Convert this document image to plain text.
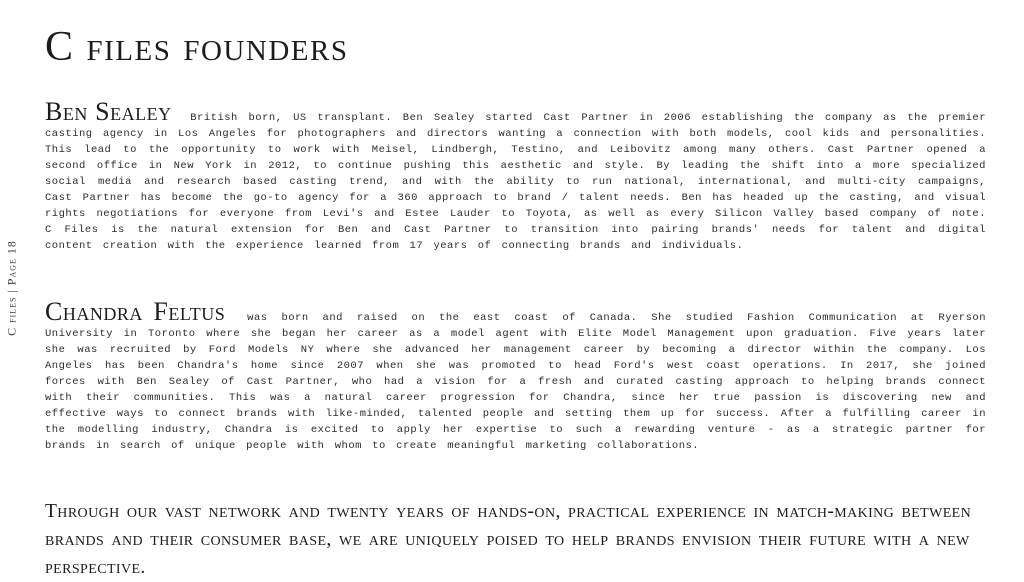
C files | Page 18
C files founders

Ben Sealey British born, US transplant. Ben Sealey started Cast Partner in 2006 establishing the company as the premier casting agency in Los Angeles for photographers and directors wanting a connection with both models, cool kids and personalities. This lead to the opportunity to work with Meisel, Lindbergh, Testino, and Leibovitz among many others. Cast Partner opened a second office in New York in 2012, to continue pushing this aesthetic and style. By leading the shift into a more specialized social media and research based casting trend, and with the ability to run national, international, and multi-city campaigns, Cast Partner has become the go-to agency for a 360 approach to brand / talent needs. Ben has headed up the casting, and visual rights negotiations for everyone from Levi's and Estee Lauder to Toyota, as well as every Silicon Valley based company of note. C Files is the natural extension for Ben and Cast Partner to transition into pairing brands' needs for talent and digital content creation with the experience learned from 17 years of connecting brands and individuals.

Chandra Feltus was born and raised on the east coast of Canada. She studied Fashion Communication at Ryerson University in Toronto where she began her career as a model agent with Elite Model Management upon graduation. Five years later she was recruited by Ford Models NY where she advanced her management career by becoming a director within the company. Los Angeles has been Chandra's home since 2007 when she was promoted to head Ford's west coast operations. In 2017, she joined forces with Ben Sealey of Cast Partner, who had a vision for a fresh and curated casting approach to helping brands connect with their communities. This was a natural career progression for Chandra, since her true passion is discovering new and effective ways to connect brands with like-minded, talented people and setting them up for success. After a fulfilling career in the modelling industry, Chandra is excited to apply her expertise to such a rewarding venture - as a strategic partner for brands in search of unique people with whom to create meaningful marketing collaborations.

Through our vast network and twenty years of hands-on, practical experience in match-making between brands and their consumer base, we are uniquely poised to help brands envision their future with a new perspective.
